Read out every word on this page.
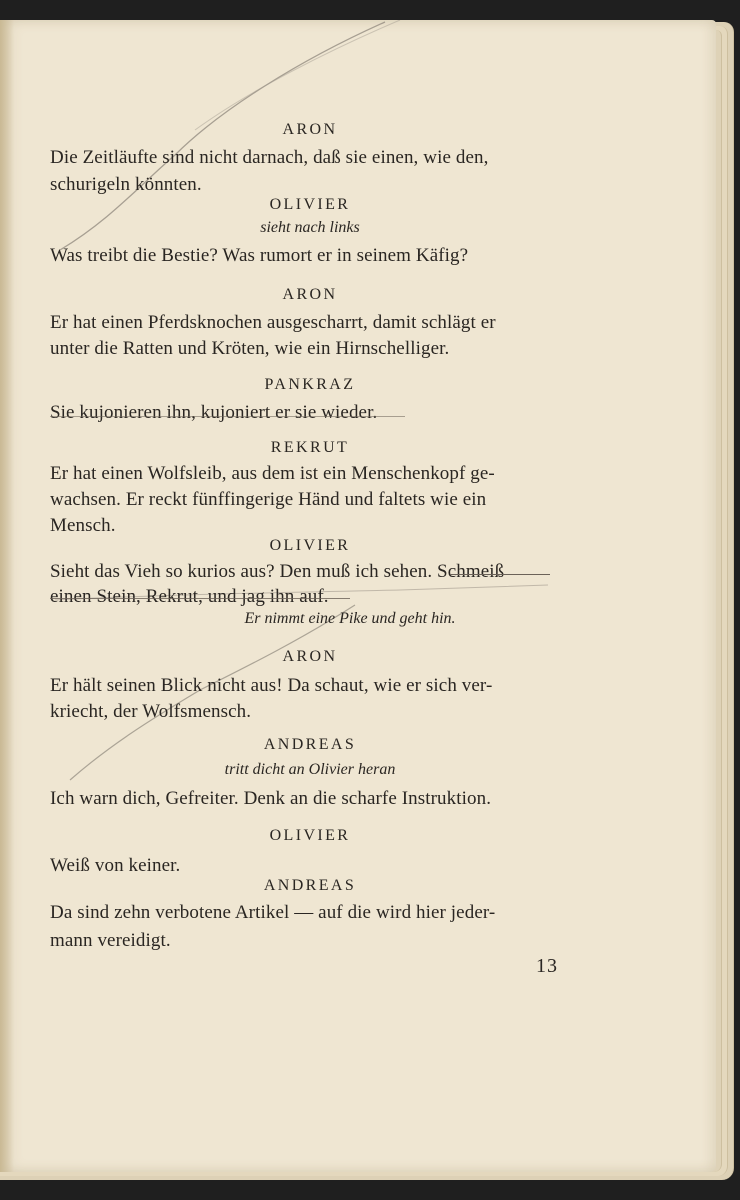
ARON
Die Zeitläufte sind nicht darnach, daß sie einen, wie den,
schurigeln könnten.
OLIVIER
sieht nach links
Was treibt die Bestie? Was rumort er in seinem Käfig?
ARON
Er hat einen Pferdsknochen ausgescharrt, damit schlägt er
unter die Ratten und Kröten, wie ein Hirnschelliger.
PANKRAZ
Sie kujonieren ihn, kujoniert er sie wieder.
REKRUT
Er hat einen Wolfsleib, aus dem ist ein Menschenkopf ge-
wachsen. Er reckt fünffingerige Händ und faltets wie ein
Mensch.
OLIVIER
Sieht das Vieh so kurios aus? Den muß ich sehen. Schmeiß
einen Stein, Rekrut, und jag ihn auf.
Er nimmt eine Pike und geht hin.
ARON
Er hält seinen Blick nicht aus! Da schaut, wie er sich ver-
kriecht, der Wolfsmensch.
ANDREAS
tritt dicht an Olivier heran
Ich warn dich, Gefreiter. Denk an die scharfe Instruktion.
OLIVIER
Weiß von keiner.
ANDREAS
Da sind zehn verbotene Artikel — auf die wird hier jeder-
mann vereidigt.
13
